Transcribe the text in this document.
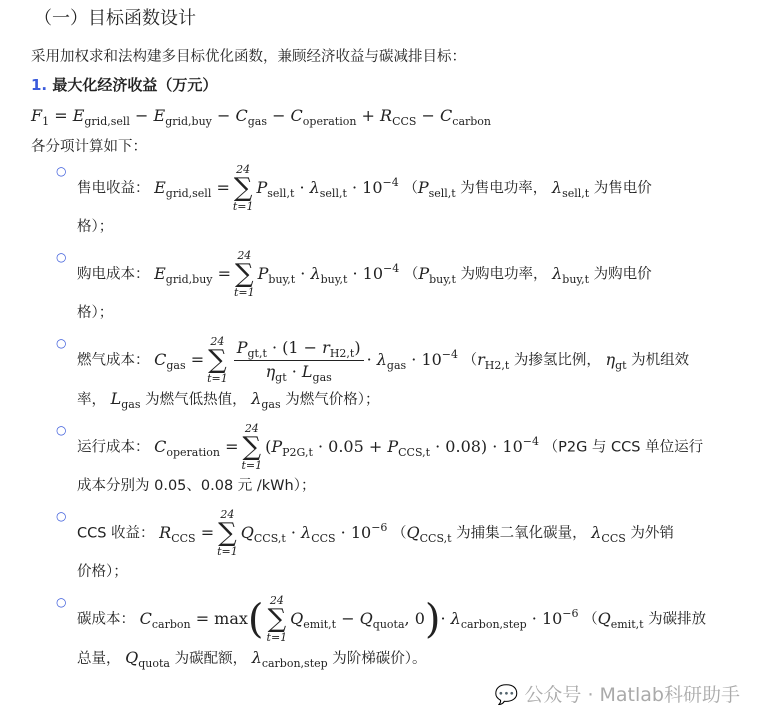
（一）目标函数设计
采用加权求和法构建多目标优化函数，兼顾经济收益与碳减排目标：
1. 最大化经济收益（万元）
$F_1 = E_{grid,sell} - E_{grid,buy} - C_{gas} - C_{operation} + R_{CCS} - C_{carbon}$
各分项计算如下：
○
售电收益： $E_{grid,sell}$ =
24
∑
t=1
$P_{sell,t} \cdot \lambda_{sell,t} \cdot 10^{-4}$ （$P_{sell,t}$ 为售电功率， $\lambda_{sell,t}$ 为售电价
格）；
○
购电成本： $E_{grid,buy}$ =
24
∑
t=1
$P_{buy,t} \cdot \lambda_{buy,t} \cdot 10^{-4}$ （$P_{buy,t}$ 为购电功率， $\lambda_{buy,t}$ 为购电价
格）；
○
燃气成本： $C_{gas}$ =
24
∑
$t=1 \frac{P_{gt,t} \cdot (1 - r_{H2,t})}{\eta_{gt} \cdot L_{gas}} \cdot \lambda_{gas} \cdot 10^{-4}$ （$r_{H2,t}$ 为掺氢比例， $\eta_{gt}$ 为机组效
率， $L_{gas}$ 为燃气低热值， $\lambda_{gas}$ 为燃气价格）；
○
运行成本： $C_{operation}$ =
24
∑
t=1
$(P_{P2G,t} \cdot 0.05 + P_{CCS,t} \cdot 0.08) \cdot 10^{-4}$ （P2G 与 CCS 单位运行
成本分别为 0.05、0.08 元 /kWh）；
○
CCS 收益： $R_{CCS}$ =
24
∑
t=1
$Q_{CCS,t} \cdot \lambda_{CCS} \cdot 10^{-6}$ （$Q_{CCS,t}$ 为捕集二氧化碳量， $\lambda_{CCS}$ 为外销
价格）；
○
碳成本： $C_{carbon} = \max$( 24
∑
t=1
$Q_{emit,t} - Q_{quota}$, $0)\cdot \lambda_{carbon,step} \cdot 10^{-6}$ （$Q_{emit,t}$ 为碳排放
总量， $Q_{quota}$ 为碳配额， $\lambda_{carbon,step}$ 为阶梯碳价）。
💬 公众号 · Matlab科研助手
